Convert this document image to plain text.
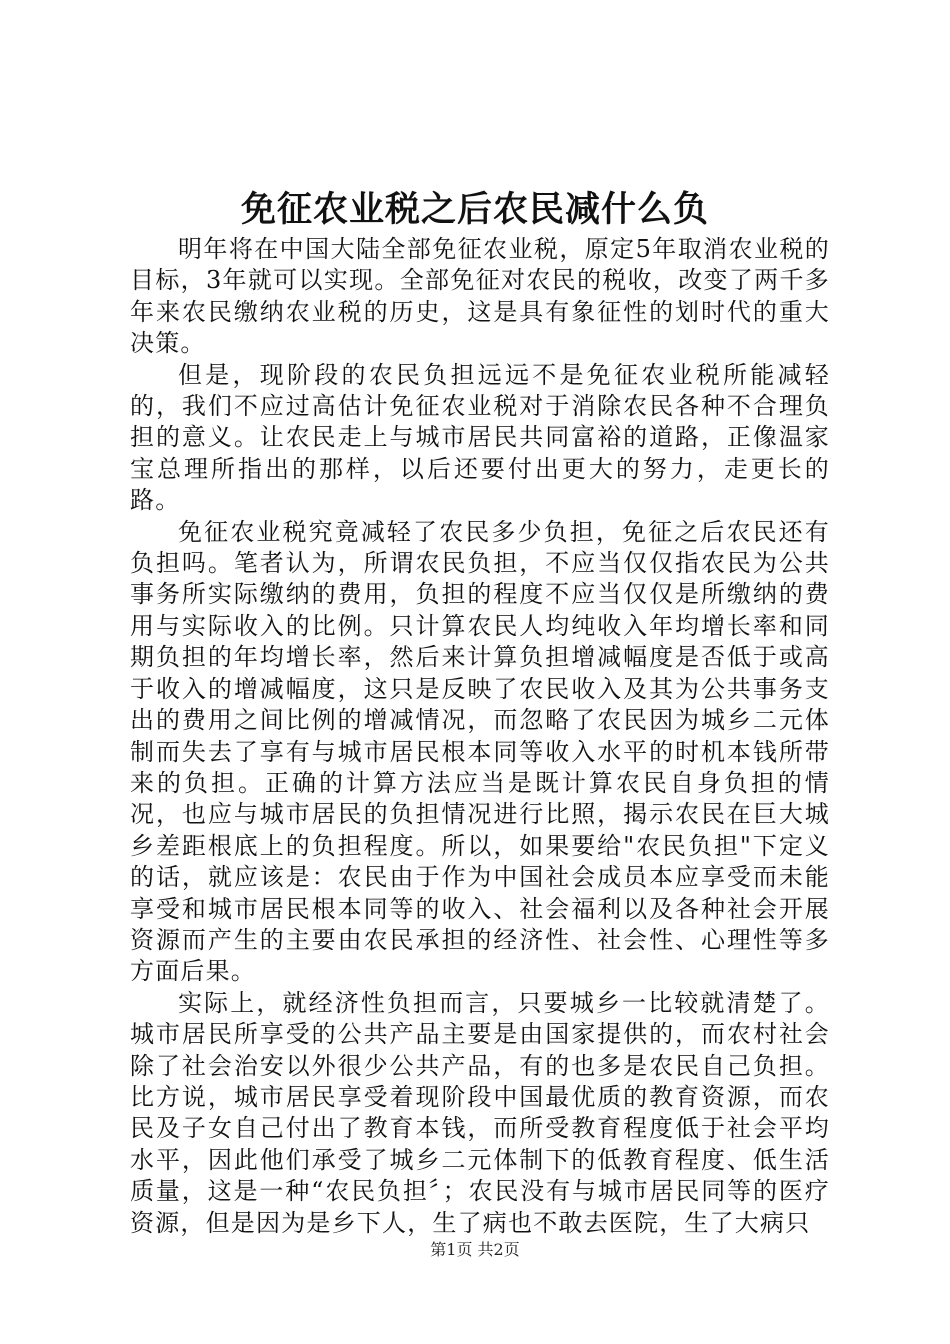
免征农业税之后农民减什么负

明年将在中国大陆全部免征农业税，原定5年取消农业税的目标，3年就可以实现。全部免征对农民的税收，改变了两千多年来农民缴纳农业税的历史，这是具有象征性的划时代的重大决策。

但是，现阶段的农民负担远远不是免征农业税所能减轻的，我们不应过高估计免征农业税对于消除农民各种不合理负担的意义。让农民走上与城市居民共同富裕的道路，正像温家宝总理所指出的那样，以后还要付出更大的努力，走更长的路。

免征农业税究竟减轻了农民多少负担，免征之后农民还有负担吗。笔者认为，所谓农民负担，不应当仅仅指农民为公共事务所实际缴纳的费用，负担的程度不应当仅仅是所缴纳的费用与实际收入的比例。只计算农民人均纯收入年均增长率和同期负担的年均增长率，然后来计算负担增减幅度是否低于或高于收入的增减幅度，这只是反映了农民收入及其为公共事务支出的费用之间比例的增减情况，而忽略了农民因为城乡二元体制而失去了享有与城市居民根本同等收入水平的时机本钱所带来的负担。正确的计算方法应当是既计算农民自身负担的情况，也应与城市居民的负担情况进行比照，揭示农民在巨大城乡差距根底上的负担程度。所以，如果要给"农民负担"下定义的话，就应该是：农民由于作为中国社会成员本应享受而未能享受和城市居民根本同等的收入、社会福利以及各种社会开展资源而产生的主要由农民承担的经济性、社会性、心理性等多方面后果。

实际上，就经济性负担而言，只要城乡一比较就清楚了。城市居民所享受的公共产品主要是由国家提供的，而农村社会除了社会治安以外很少公共产品，有的也多是农民自己负担。比方说，城市居民享受着现阶段中国最优质的教育资源，而农民及子女自己付出了教育本钱，而所受教育程度低于社会平均水平，因此他们承受了城乡二元体制下的低教育程度、低生活质量，这是一种“农民负担〞；农民没有与城市居民同等的医疗资源，但是因为是乡下人，生了病也不敢去医院，生了大病只

第1页 共2页
